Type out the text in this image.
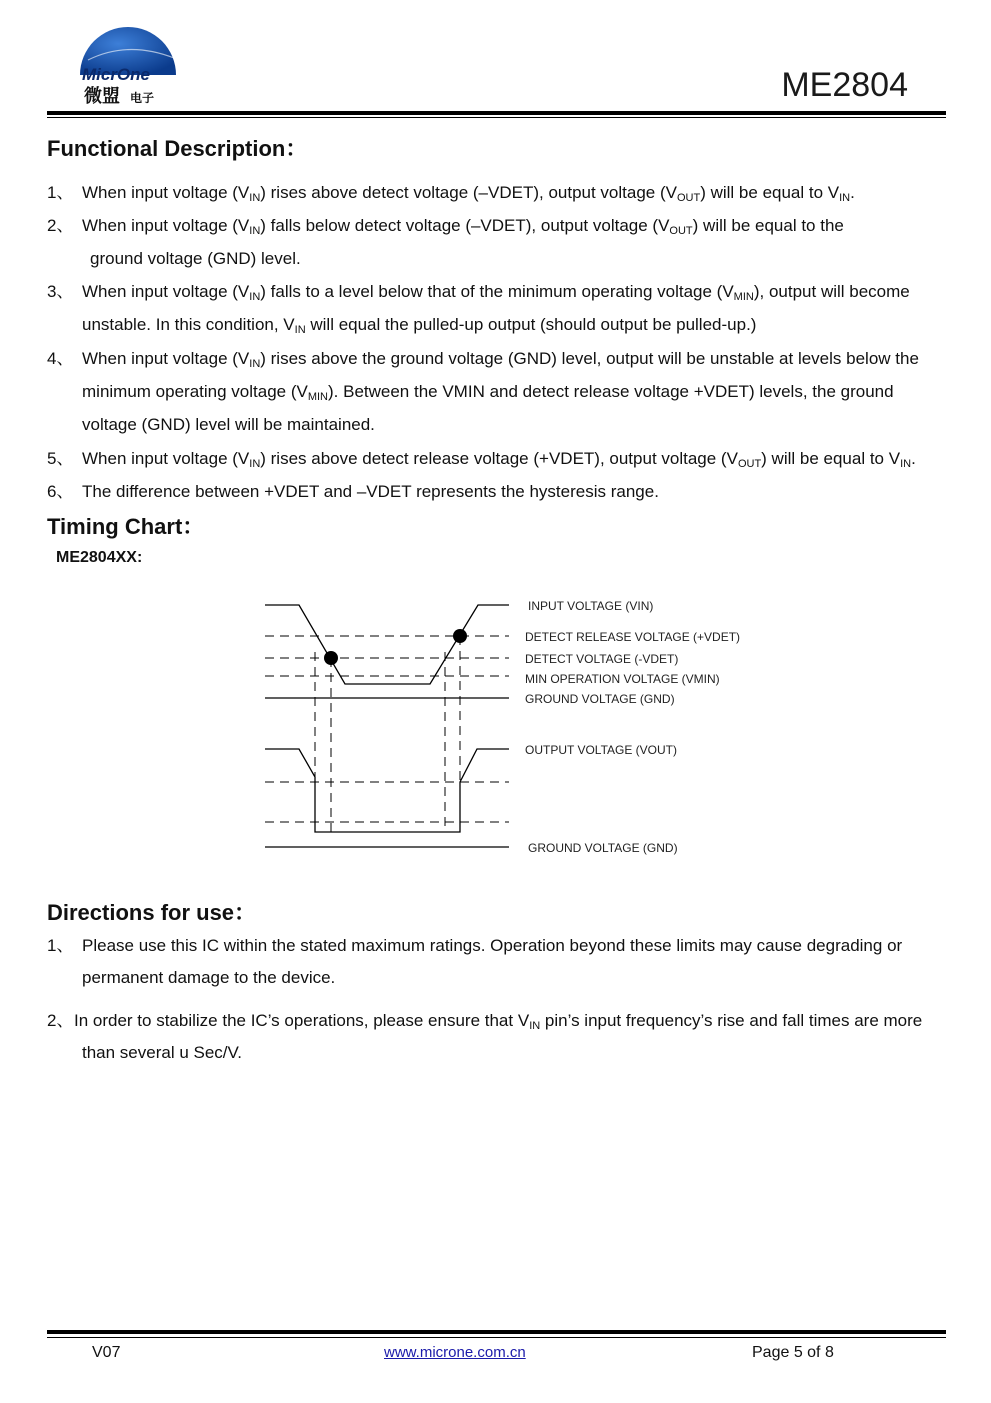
MicrOne
微盟 电子	ME2804
Functional Description：
1、 When input voltage $(V_{IN})$ rises above detect voltage (–VDET), output voltage $(V_{OUT})$ will be equal to $V_{IN}$.
2、 When input voltage $(V_{IN})$ falls below detect voltage (–VDET), output voltage $(V_{OUT})$ will be equal to the
ground voltage (GND) level.
3、 When input voltage $(V_{IN})$ falls to a level below that of the minimum operating voltage $(V_{MIN})$, output will become
unstable. In this condition, $V_{IN}$ will equal the pulled-up output (should output be pulled-up.)
4、 When input voltage $(V_{IN})$ rises above the ground voltage (GND) level, output will be unstable at levels below the
minimum operating voltage $(V_{MIN})$. Between the VMIN and detect release voltage +VDET) levels, the ground
voltage (GND) level will be maintained.
5、 When input voltage $(V_{IN})$ rises above detect release voltage (+VDET), output voltage $(V_{OUT})$ will be equal to $V_{IN}$.
6、 The difference between +VDET and –VDET represents the hysteresis range.
Timing Chart：
ME2804XX:
INPUT VOLTAGE (VIN)
DETECT RELEASE VOLTAGE (+VDET)
DETECT VOLTAGE (-VDET)
MIN OPERATION VOLTAGE (VMIN)
GROUND VOLTAGE (GND)
OUTPUT VOLTAGE (VOUT)
GROUND VOLTAGE (GND)
Directions for use：
1、 Please use this IC within the stated maximum ratings. Operation beyond these limits may cause degrading or
permanent damage to the device.
2、In order to stabilize the IC’s operations, please ensure that $V_{IN}$ pin’s input frequency’s rise and fall times are more
than several u Sec/V.
V07	www.microne.com.cn	Page 5 of 8
